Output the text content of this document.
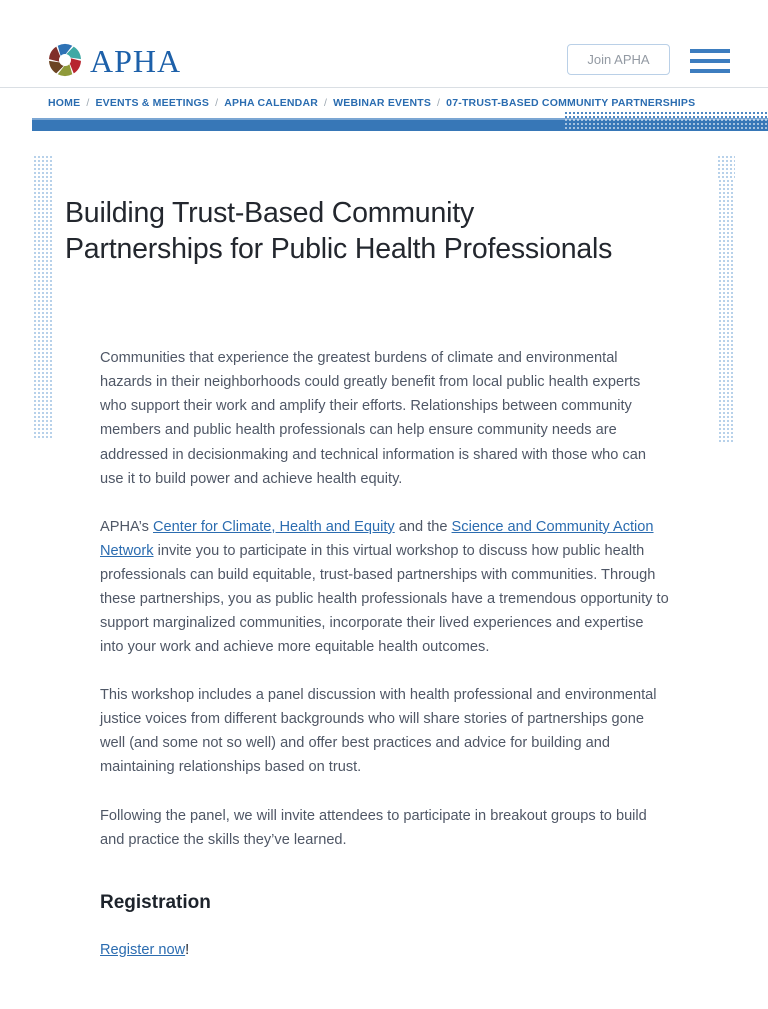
APHA	Join APHA
HOME / EVENTS & MEETINGS / APHA CALENDAR / WEBINAR EVENTS / 07-TRUST-BASED COMMUNITY PARTNERSHIPS
Building Trust-Based Community
Partnerships for Public Health Professionals

Communities that experience the greatest burdens of climate and environmental hazards in their neighborhoods could greatly benefit from local public health experts who support their work and amplify their efforts. Relationships between community members and public health professionals can help ensure community needs are addressed in decisionmaking and technical information is shared with those who can use it to build power and achieve health equity.

APHA’s Center for Climate, Health and Equity and the Science and Community Action Network invite you to participate in this virtual workshop to discuss how public health professionals can build equitable, trust-based partnerships with communities. Through these partnerships, you as public health professionals have a tremendous opportunity to support marginalized communities, incorporate their lived experiences and expertise into your work and achieve more equitable health outcomes.

This workshop includes a panel discussion with health professional and environmental justice voices from different backgrounds who will share stories of partnerships gone well (and some not so well) and offer best practices and advice for building and maintaining relationships based on trust.

Following the panel, we will invite attendees to participate in breakout groups to build and practice the skills they’ve learned.

Registration
Register now!
